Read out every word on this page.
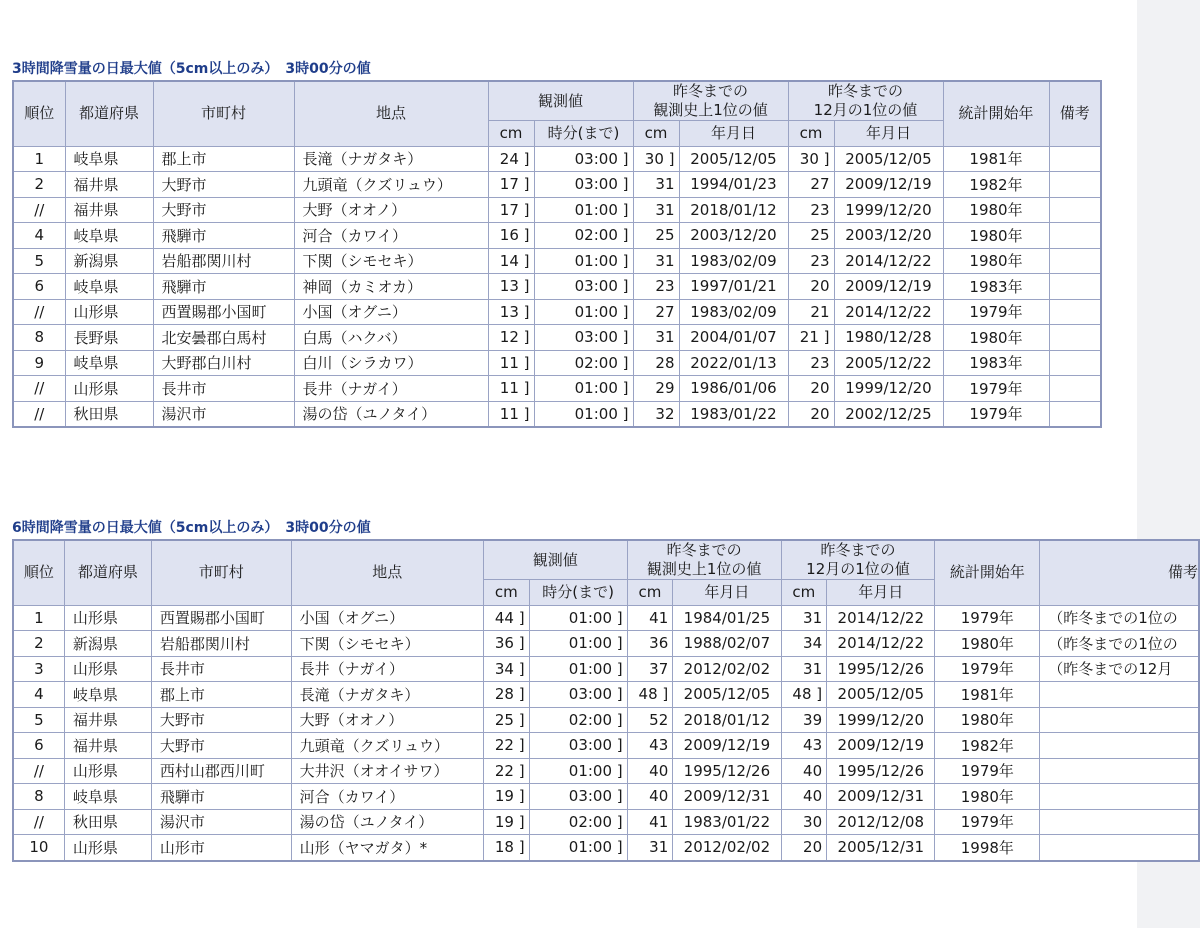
3時間降雪量の日最大値（5cm以上のみ）　3時00分の値
順位	都道府県	市町村	地点	観測値		昨冬までの
観測史上1位の値		昨冬までの
12月の1位の値		統計開始年	備考
				cm	時分(まで)	cm	年月日	cm	年月日		
1	岐阜県	郡上市	長滝（ナガタキ）	24 ]	03:00 ]	30 ]	2005/12/05	30 ]	2005/12/05	1981年	
2	福井県	大野市	九頭竜（クズリュウ）	17 ]	03:00 ]	31	1994/01/23	27	2009/12/19	1982年	
//	福井県	大野市	大野（オオノ）	17 ]	01:00 ]	31	2018/01/12	23	1999/12/20	1980年	
4	岐阜県	飛騨市	河合（カワイ）	16 ]	02:00 ]	25	2003/12/20	25	2003/12/20	1980年	
5	新潟県	岩船郡関川村	下関（シモセキ）	14 ]	01:00 ]	31	1983/02/09	23	2014/12/22	1980年	
6	岐阜県	飛騨市	神岡（カミオカ）	13 ]	03:00 ]	23	1997/01/21	20	2009/12/19	1983年	
//	山形県	西置賜郡小国町	小国（オグニ）	13 ]	01:00 ]	27	1983/02/09	21	2014/12/22	1979年	
8	長野県	北安曇郡白馬村	白馬（ハクバ）	12 ]	03:00 ]	31	2004/01/07	21 ]	1980/12/28	1980年	
9	岐阜県	大野郡白川村	白川（シラカワ）	11 ]	02:00 ]	28	2022/01/13	23	2005/12/22	1983年	
//	山形県	長井市	長井（ナガイ）	11 ]	01:00 ]	29	1986/01/06	20	1999/12/20	1979年	
//	秋田県	湯沢市	湯の岱（ユノタイ）	11 ]	01:00 ]	32	1983/01/22	20	2002/12/25	1979年	
6時間降雪量の日最大値（5cm以上のみ）　3時00分の値
順位	都道府県	市町村	地点	観測値		昨冬までの
観測史上1位の値		昨冬までの
12月の1位の値		統計開始年	備考
				cm	時分(まで)	cm	年月日	cm	年月日		
1	山形県	西置賜郡小国町	小国（オグニ）	44 ]	01:00 ]	41	1984/01/25	31	2014/12/22	1979年	（昨冬までの1位の
2	新潟県	岩船郡関川村	下関（シモセキ）	36 ]	01:00 ]	36	1988/02/07	34	2014/12/22	1980年	（昨冬までの1位の
3	山形県	長井市	長井（ナガイ）	34 ]	01:00 ]	37	2012/02/02	31	1995/12/26	1979年	（昨冬までの12月
4	岐阜県	郡上市	長滝（ナガタキ）	28 ]	03:00 ]	48 ]	2005/12/05	48 ]	2005/12/05	1981年	
5	福井県	大野市	大野（オオノ）	25 ]	02:00 ]	52	2018/01/12	39	1999/12/20	1980年	
6	福井県	大野市	九頭竜（クズリュウ）	22 ]	03:00 ]	43	2009/12/19	43	2009/12/19	1982年	
//	山形県	西村山郡西川町	大井沢（オオイサワ）	22 ]	01:00 ]	40	1995/12/26	40	1995/12/26	1979年	
8	岐阜県	飛騨市	河合（カワイ）	19 ]	03:00 ]	40	2009/12/31	40	2009/12/31	1980年	
//	秋田県	湯沢市	湯の岱（ユノタイ）	19 ]	02:00 ]	41	1983/01/22	30	2012/12/08	1979年	
10	山形県	山形市	山形（ヤマガタ）*	18 ]	01:00 ]	31	2012/02/02	20	2005/12/31	1998年	
